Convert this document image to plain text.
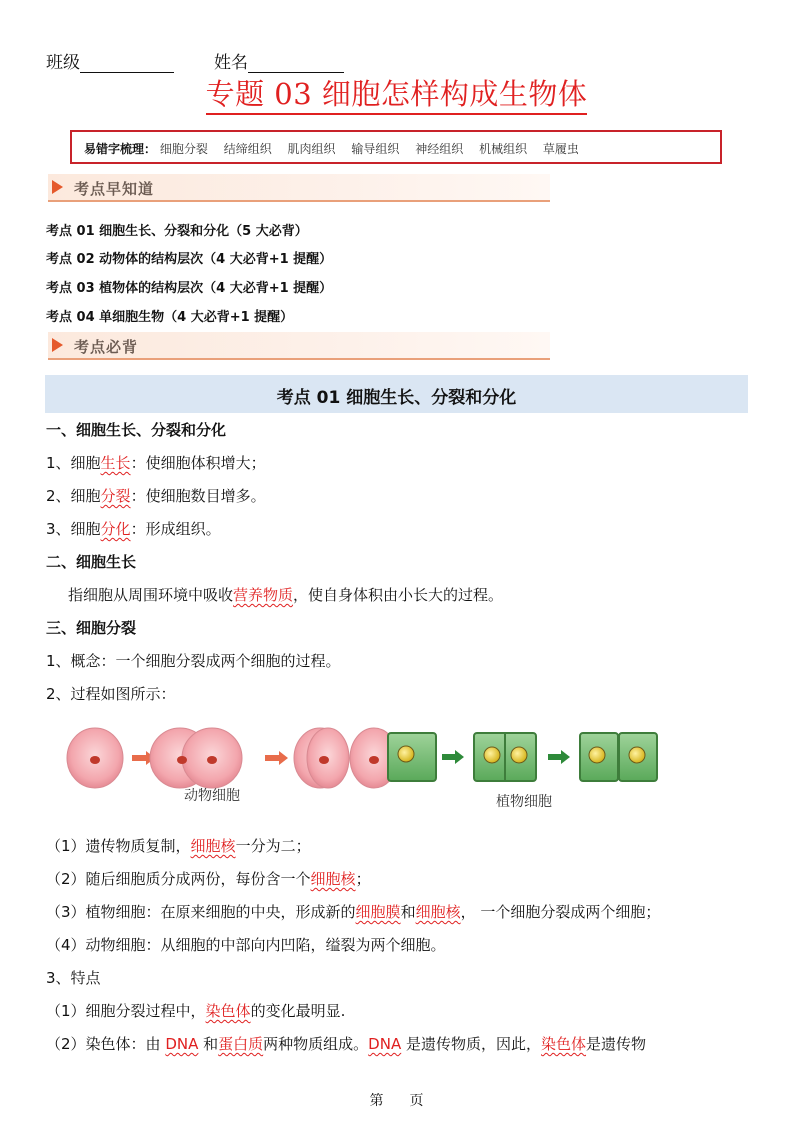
班级	姓名
专题 03 细胞怎样构成生物体
易错字梳理： 细胞分裂 结缔组织 肌肉组织 输导组织 神经组织 机械组织 草履虫
考点早知道
考点 01 细胞生长、分裂和分化（5 大必背）
考点 02 动物体的结构层次（4 大必背+1 提醒）
考点 03 植物体的结构层次（4 大必背+1 提醒）
考点 04 单细胞生物（4 大必背+1 提醒）
考点必背
考点 01 细胞生长、分裂和分化
一、细胞生长、分裂和分化
1、细胞生长：使细胞体积增大；
2、细胞分裂：使细胞数目增多。
3、细胞分化：形成组织。
二、细胞生长
指细胞从周围环境中吸收营养物质，使自身体积由小长大的过程。
三、细胞分裂
1、概念：一个细胞分裂成两个细胞的过程。
2、过程如图所示：
动物细胞	植物细胞
（1）遗传物质复制，细胞核一分为二；
（2）随后细胞质分成两份，每份含一个细胞核；
（3）植物细胞：在原来细胞的中央，形成新的细胞膜和细胞核， 一个细胞分裂成两个细胞；
（4）动物细胞：从细胞的中部向内凹陷，缢裂为两个细胞。
3、特点
（1）细胞分裂过程中，染色体的变化最明显.
（2）染色体：由 DNA 和蛋白质两种物质组成。DNA 是遗传物质，因此，染色体是遗传物
第 页
